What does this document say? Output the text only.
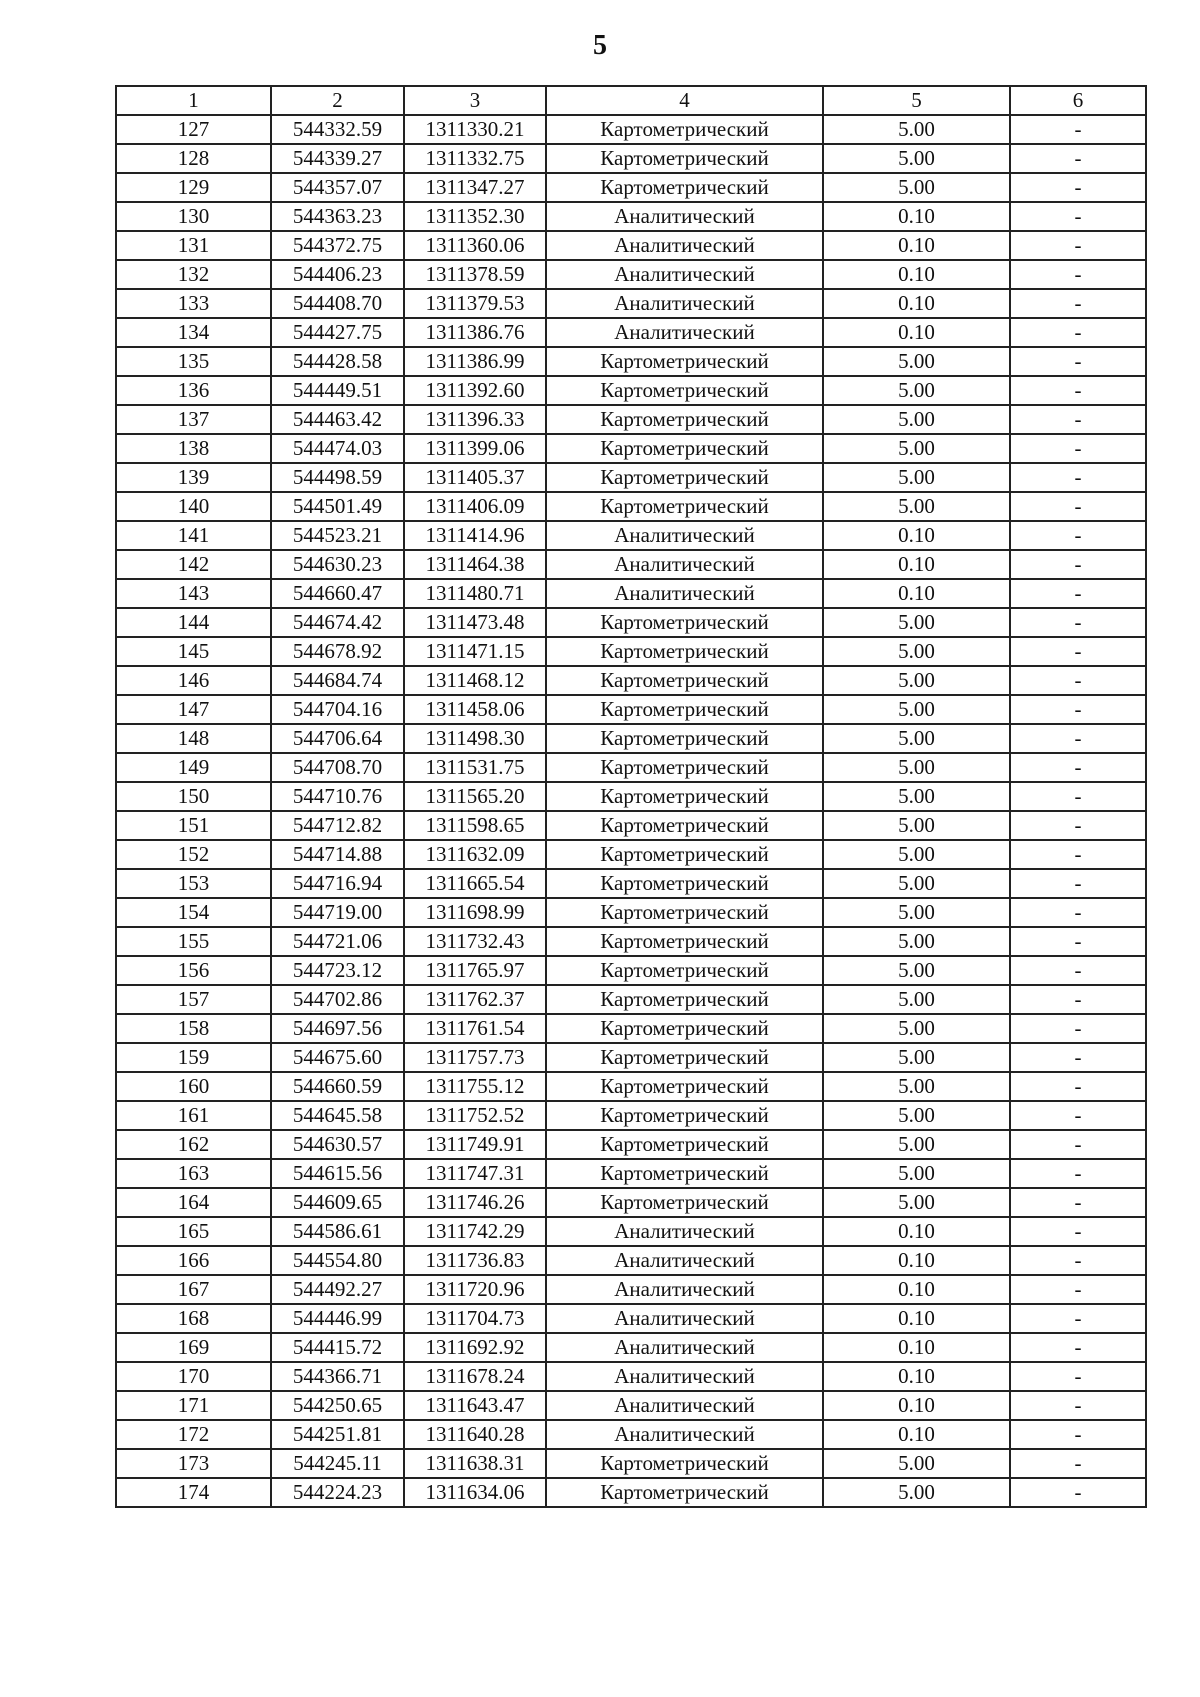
5
1	2	3	4	5	6
127	544332.59	1311330.21	Картометрический	5.00	-
128	544339.27	1311332.75	Картометрический	5.00	-
129	544357.07	1311347.27	Картометрический	5.00	-
130	544363.23	1311352.30	Аналитический	0.10	-
131	544372.75	1311360.06	Аналитический	0.10	-
132	544406.23	1311378.59	Аналитический	0.10	-
133	544408.70	1311379.53	Аналитический	0.10	-
134	544427.75	1311386.76	Аналитический	0.10	-
135	544428.58	1311386.99	Картометрический	5.00	-
136	544449.51	1311392.60	Картометрический	5.00	-
137	544463.42	1311396.33	Картометрический	5.00	-
138	544474.03	1311399.06	Картометрический	5.00	-
139	544498.59	1311405.37	Картометрический	5.00	-
140	544501.49	1311406.09	Картометрический	5.00	-
141	544523.21	1311414.96	Аналитический	0.10	-
142	544630.23	1311464.38	Аналитический	0.10	-
143	544660.47	1311480.71	Аналитический	0.10	-
144	544674.42	1311473.48	Картометрический	5.00	-
145	544678.92	1311471.15	Картометрический	5.00	-
146	544684.74	1311468.12	Картометрический	5.00	-
147	544704.16	1311458.06	Картометрический	5.00	-
148	544706.64	1311498.30	Картометрический	5.00	-
149	544708.70	1311531.75	Картометрический	5.00	-
150	544710.76	1311565.20	Картометрический	5.00	-
151	544712.82	1311598.65	Картометрический	5.00	-
152	544714.88	1311632.09	Картометрический	5.00	-
153	544716.94	1311665.54	Картометрический	5.00	-
154	544719.00	1311698.99	Картометрический	5.00	-
155	544721.06	1311732.43	Картометрический	5.00	-
156	544723.12	1311765.97	Картометрический	5.00	-
157	544702.86	1311762.37	Картометрический	5.00	-
158	544697.56	1311761.54	Картометрический	5.00	-
159	544675.60	1311757.73	Картометрический	5.00	-
160	544660.59	1311755.12	Картометрический	5.00	-
161	544645.58	1311752.52	Картометрический	5.00	-
162	544630.57	1311749.91	Картометрический	5.00	-
163	544615.56	1311747.31	Картометрический	5.00	-
164	544609.65	1311746.26	Картометрический	5.00	-
165	544586.61	1311742.29	Аналитический	0.10	-
166	544554.80	1311736.83	Аналитический	0.10	-
167	544492.27	1311720.96	Аналитический	0.10	-
168	544446.99	1311704.73	Аналитический	0.10	-
169	544415.72	1311692.92	Аналитический	0.10	-
170	544366.71	1311678.24	Аналитический	0.10	-
171	544250.65	1311643.47	Аналитический	0.10	-
172	544251.81	1311640.28	Аналитический	0.10	-
173	544245.11	1311638.31	Картометрический	5.00	-
174	544224.23	1311634.06	Картометрический	5.00	-
